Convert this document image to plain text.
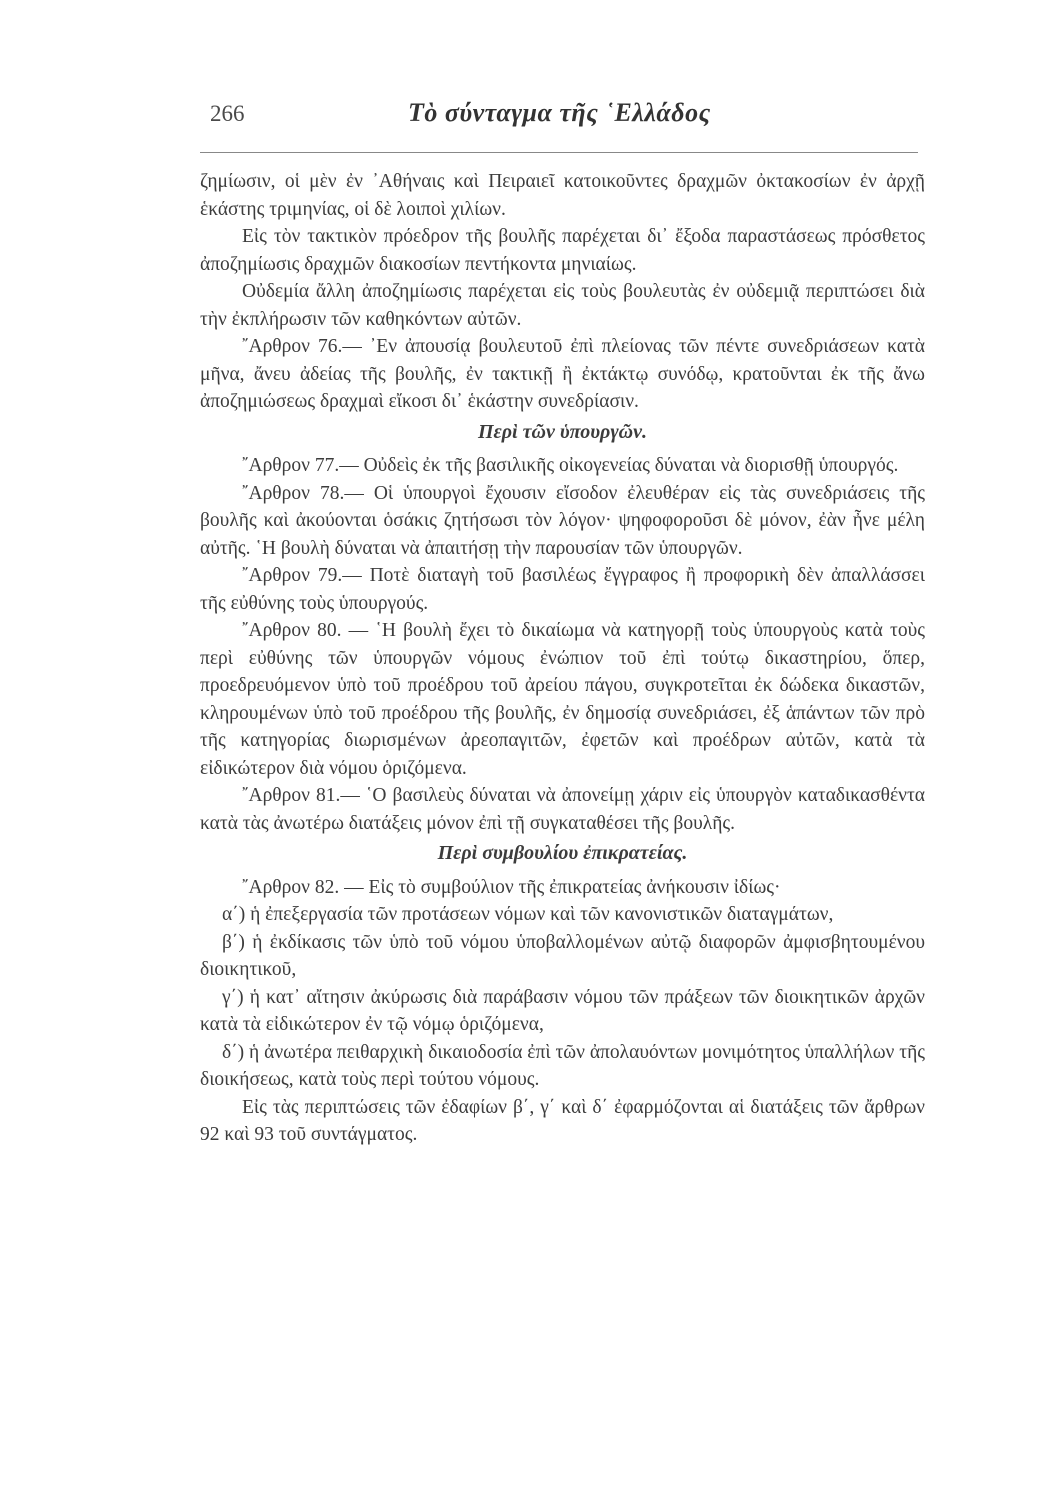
266	Τὸ σύνταγμα τῆς ῾Ελλάδος

ζημίωσιν, οἱ μὲν ἐν ᾿Αθήναις καὶ Πειραιεῖ κατοικοῦντες δραχμῶν ὀκτακοσίων ἐν ἀρχῇ ἑκάστης τριμηνίας, οἱ δὲ λοιποὶ χιλίων.

Εἰς τὸν τακτικὸν πρόεδρον τῆς βουλῆς παρέχεται δι᾿ ἔξοδα παραστάσεως πρόσθετος ἀποζημίωσις δραχμῶν διακοσίων πεντήκοντα μηνιαίως.

Οὐδεμία ἄλλη ἀποζημίωσις παρέχεται εἰς τοὺς βουλευτὰς ἐν οὐδεμιᾷ περιπτώσει διὰ τὴν ἐκπλήρωσιν τῶν καθηκόντων αὐτῶν.

῎Αρθρον 76.— ᾿Εν ἀπουσίᾳ βουλευτοῦ ἐπὶ πλείονας τῶν πέντε συνεδριάσεων κατὰ μῆνα, ἄνευ ἀδείας τῆς βουλῆς, ἐν τακτικῇ ἢ ἐκτάκτῳ συνόδῳ, κρατοῦνται ἐκ τῆς ἄνω ἀποζημιώσεως δραχμαὶ εἴκοσι δι᾿ ἑκάστην συνεδρίασιν.

Περὶ τῶν ὑπουργῶν.

῎Αρθρον 77.— Οὐδεὶς ἐκ τῆς βασιλικῆς οἰκογενείας δύναται νὰ διορισθῇ ὑπουργός.

῎Αρθρον 78.— Οἱ ὑπουργοὶ ἔχουσιν εἴσοδον ἐλευθέραν εἰς τὰς συνεδριάσεις τῆς βουλῆς καὶ ἀκούονται ὁσάκις ζητήσωσι τὸν λόγον· ψηφοφοροῦσι δὲ μόνον, ἐὰν ἦνε μέλη αὐτῆς. ῾Η βουλὴ δύναται νὰ ἀπαιτήσῃ τὴν παρουσίαν τῶν ὑπουργῶν.

῎Αρθρον 79.— Ποτὲ διαταγὴ τοῦ βασιλέως ἔγγραφος ἢ προφορικὴ δὲν ἀπαλλάσσει τῆς εὐθύνης τοὺς ὑπουργούς.

῎Αρθρον 80. — ῾Η βουλὴ ἔχει τὸ δικαίωμα νὰ κατηγορῇ τοὺς ὑπουργοὺς κατὰ τοὺς περὶ εὐθύνης τῶν ὑπουργῶν νόμους ἐνώπιον τοῦ ἐπὶ τούτῳ δικαστηρίου, ὅπερ, προεδρευόμενον ὑπὸ τοῦ προέδρου τοῦ ἀρείου πάγου, συγκροτεῖται ἐκ δώδεκα δικαστῶν, κληρουμένων ὑπὸ τοῦ προέδρου τῆς βουλῆς, ἐν δημοσίᾳ συνεδριάσει, ἐξ ἁπάντων τῶν πρὸ τῆς κατηγορίας διωρισμένων ἀρεοπαγιτῶν, ἐφετῶν καὶ προέδρων αὐτῶν, κατὰ τὰ εἰδικώτερον διὰ νόμου ὁριζόμενα.

῎Αρθρον 81.— ῾Ο βασιλεὺς δύναται νὰ ἀπονείμῃ χάριν εἰς ὑπουργὸν καταδικασθέντα κατὰ τὰς ἀνωτέρω διατάξεις μόνον ἐπὶ τῇ συγκαταθέσει τῆς βουλῆς.

Περὶ συμβουλίου ἐπικρατείας.

῎Αρθρον 82. — Εἰς τὸ συμβούλιον τῆς ἐπικρατείας ἀνήκουσιν ἰδίως·

α΄) ἡ ἐπεξεργασία τῶν προτάσεων νόμων καὶ τῶν κανονιστικῶν διαταγμάτων,

β΄) ἡ ἐκδίκασις τῶν ὑπὸ τοῦ νόμου ὑποβαλλομένων αὐτῷ διαφορῶν ἀμφισβητουμένου διοικητικοῦ,

γ΄) ἡ κατ᾿ αἴτησιν ἀκύρωσις διὰ παράβασιν νόμου τῶν πράξεων τῶν διοικητικῶν ἀρχῶν κατὰ τὰ εἰδικώτερον ἐν τῷ νόμῳ ὁριζόμενα,

δ΄) ἡ ἀνωτέρα πειθαρχικὴ δικαιοδοσία ἐπὶ τῶν ἀπολαυόντων μονιμότητος ὑπαλλήλων τῆς διοικήσεως, κατὰ τοὺς περὶ τούτου νόμους.

Εἰς τὰς περιπτώσεις τῶν ἐδαφίων β΄, γ΄ καὶ δ΄ ἐφαρμόζονται αἱ διατάξεις τῶν ἄρθρων 92 καὶ 93 τοῦ συντάγματος.
